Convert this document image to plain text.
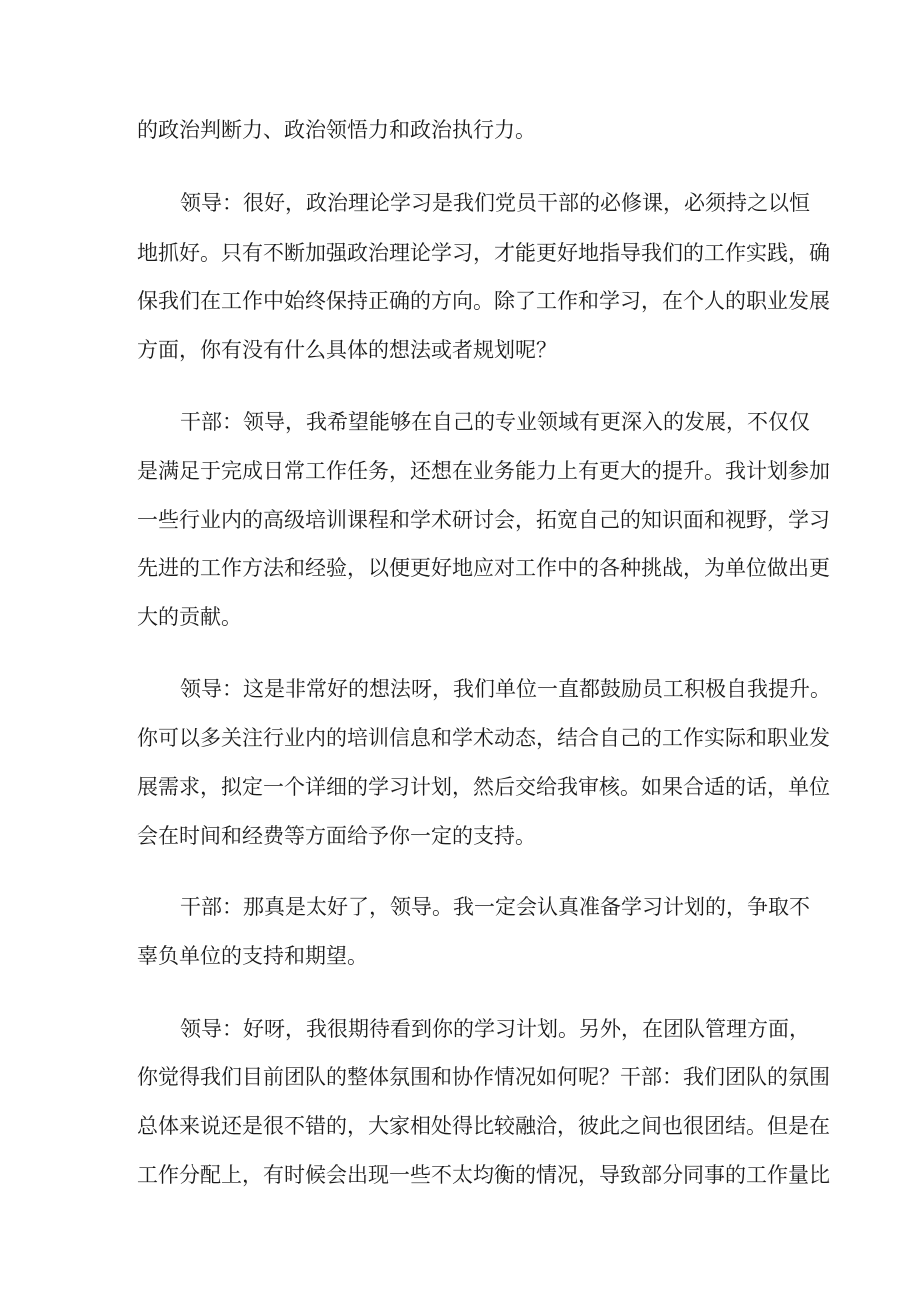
的政治判断力、政治领悟力和政治执行力。
领导：很好，政治理论学习是我们党员干部的必修课，必须持之以恒
地抓好。只有不断加强政治理论学习，才能更好地指导我们的工作实践，确
保我们在工作中始终保持正确的方向。除了工作和学习，在个人的职业发展
方面，你有没有什么具体的想法或者规划呢？
干部：领导，我希望能够在自己的专业领域有更深入的发展，不仅仅
是满足于完成日常工作任务，还想在业务能力上有更大的提升。我计划参加
一些行业内的高级培训课程和学术研讨会，拓宽自己的知识面和视野，学习
先进的工作方法和经验，以便更好地应对工作中的各种挑战，为单位做出更
大的贡献。
领导：这是非常好的想法呀，我们单位一直都鼓励员工积极自我提升。
你可以多关注行业内的培训信息和学术动态，结合自己的工作实际和职业发
展需求，拟定一个详细的学习计划，然后交给我审核。如果合适的话，单位
会在时间和经费等方面给予你一定的支持。
干部：那真是太好了，领导。我一定会认真准备学习计划的，争取不
辜负单位的支持和期望。
领导：好呀，我很期待看到你的学习计划。另外，在团队管理方面，
你觉得我们目前团队的整体氛围和协作情况如何呢？干部：我们团队的氛围
总体来说还是很不错的，大家相处得比较融洽，彼此之间也很团结。但是在
工作分配上，有时候会出现一些不太均衡的情况，导致部分同事的工作量比
